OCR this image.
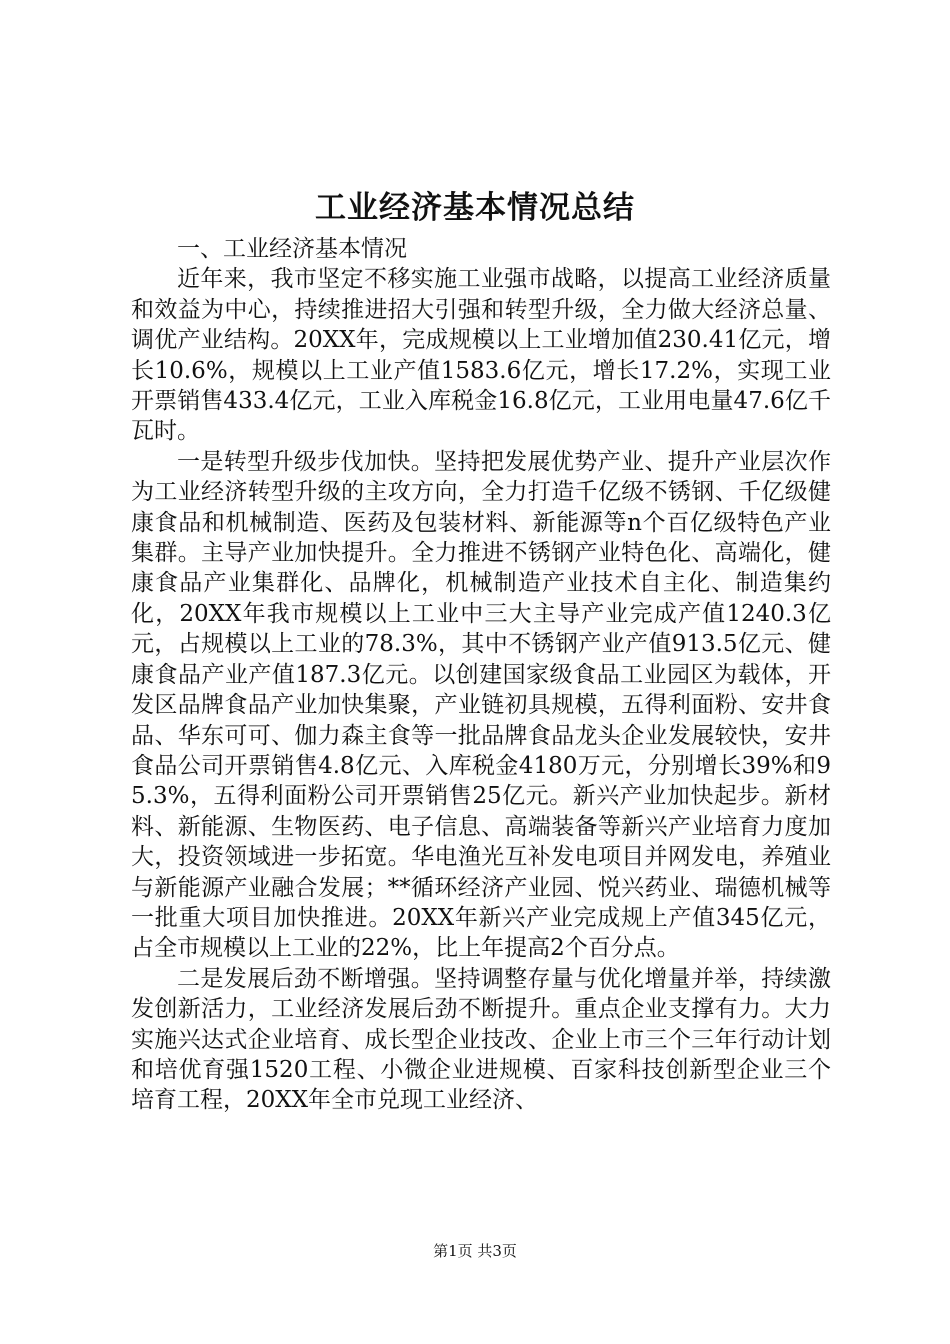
工业经济基本情况总结

一、工业经济基本情况

近年来，我市坚定不移实施工业强市战略，以提高工业经济质量和效益为中心，持续推进招大引强和转型升级，全力做大经济总量、调优产业结构。20XX年，完成规模以上工业增加值230.41亿元，增长10.6%，规模以上工业产值1583.6亿元，增长17.2%，实现工业开票销售433.4亿元，工业入库税金16.8亿元，工业用电量47.6亿千瓦时。

一是转型升级步伐加快。坚持把发展优势产业、提升产业层次作为工业经济转型升级的主攻方向，全力打造千亿级不锈钢、千亿级健康食品和机械制造、医药及包装材料、新能源等n个百亿级特色产业集群。主导产业加快提升。全力推进不锈钢产业特色化、高端化，健康食品产业集群化、品牌化，机械制造产业技术自主化、制造集约化，20XX年我市规模以上工业中三大主导产业完成产值1240.3亿元，占规模以上工业的78.3%，其中不锈钢产业产值913.5亿元、健康食品产业产值187.3亿元。以创建国家级食品工业园区为载体，开发区品牌食品产业加快集聚，产业链初具规模，五得利面粉、安井食品、华东可可、伽力森主食等一批品牌食品龙头企业发展较快，安井食品公司开票销售4.8亿元、入库税金4180万元，分别增长39%和95.3%，五得利面粉公司开票销售25亿元。新兴产业加快起步。新材料、新能源、生物医药、电子信息、高端装备等新兴产业培育力度加大，投资领域进一步拓宽。华电渔光互补发电项目并网发电，养殖业与新能源产业融合发展；**循环经济产业园、悦兴药业、瑞德机械等一批重大项目加快推进。20XX年新兴产业完成规上产值345亿元，占全市规模以上工业的22%，比上年提高2个百分点。

二是发展后劲不断增强。坚持调整存量与优化增量并举，持续激发创新活力，工业经济发展后劲不断提升。重点企业支撑有力。大力实施兴达式企业培育、成长型企业技改、企业上市三个三年行动计划和培优育强1520工程、小微企业进规模、百家科技创新型企业三个培育工程，20XX年全市兑现工业经济、

第1页 共3页
